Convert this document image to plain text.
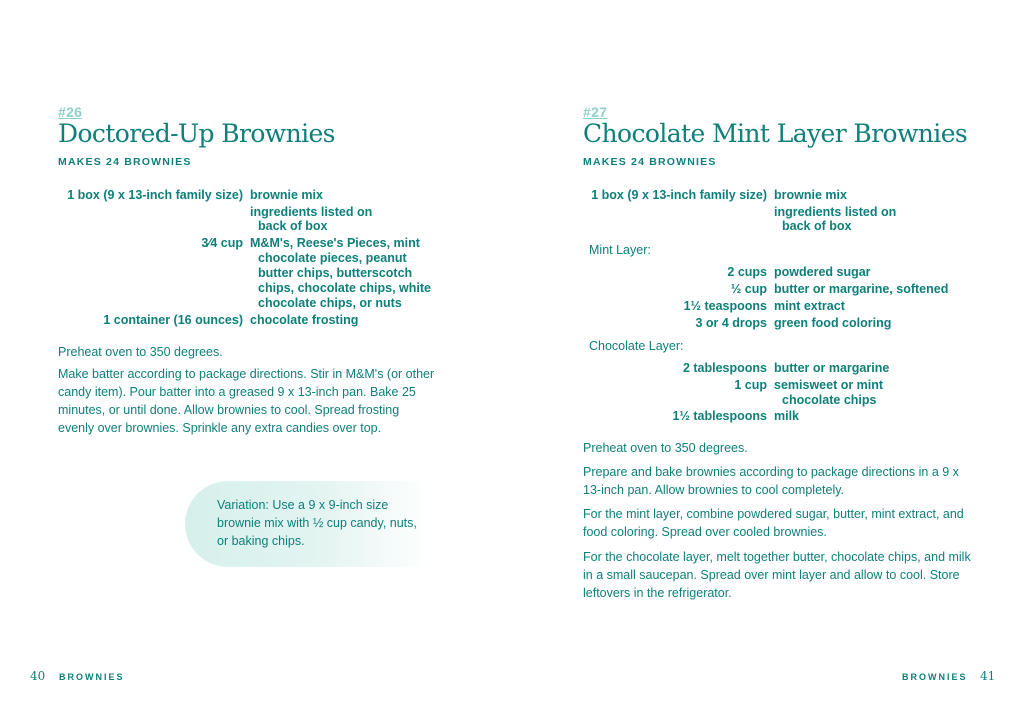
#26
Doctored-Up Brownies
MAKES 24 BROWNIES
1 box (9 x 13-inch family size) brownie mix
ingredients listed on
back of box
3⁄4 cup M&M's, Reese's Pieces, mint
chocolate pieces, peanut
butter chips, butterscotch
chips, chocolate chips, white
chocolate chips, or nuts
1 container (16 ounces) chocolate frosting
Preheat oven to 350 degrees.
Make batter according to package directions. Stir in M&M's (or other candy item). Pour batter into a greased 9 x 13-inch pan. Bake 25 minutes, or until done. Allow brownies to cool. Spread frosting evenly over brownies. Sprinkle any extra candies over top.
Variation: Use a 9 x 9-inch size brownie mix with ½ cup candy, nuts, or baking chips.
40 BROWNIES
#27
Chocolate Mint Layer Brownies
MAKES 24 BROWNIES
1 box (9 x 13-inch family size) brownie mix
ingredients listed on
back of box
Mint Layer:
2 cups powdered sugar
½ cup butter or margarine, softened
1½ teaspoons mint extract
3 or 4 drops green food coloring
Chocolate Layer:
2 tablespoons butter or margarine
1 cup semisweet or mint
chocolate chips
1½ tablespoons milk
Preheat oven to 350 degrees.
Prepare and bake brownies according to package directions in a 9 x 13-inch pan. Allow brownies to cool completely.
For the mint layer, combine powdered sugar, butter, mint extract, and food coloring. Spread over cooled brownies.
For the chocolate layer, melt together butter, chocolate chips, and milk in a small saucepan. Spread over mint layer and allow to cool. Store leftovers in the refrigerator.
BROWNIES 41
